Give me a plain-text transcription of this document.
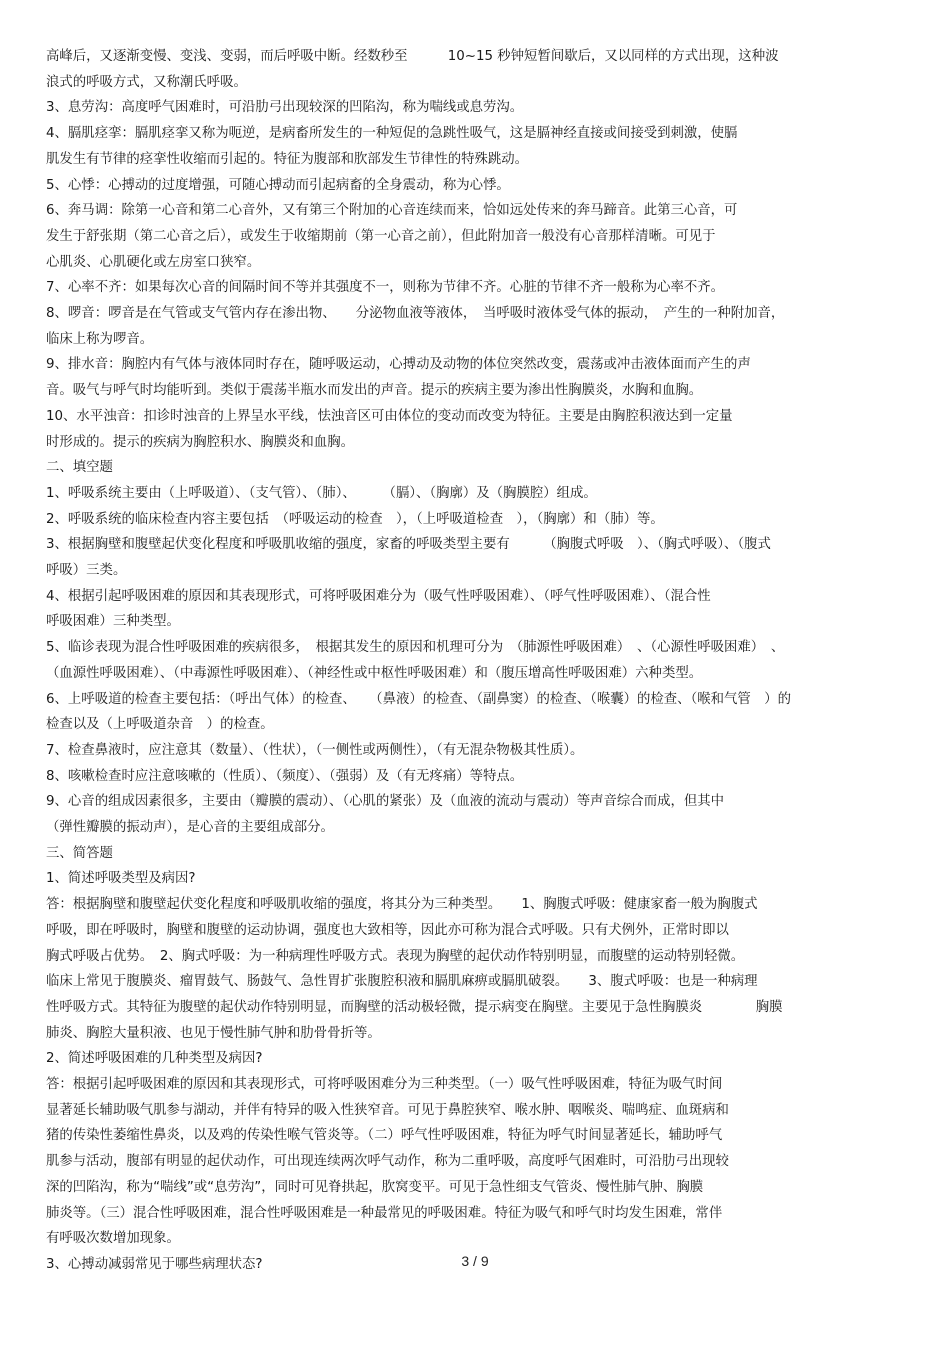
高峰后，又逐渐变慢、变浅、变弱，而后呼吸中断。经数秒至　　　10~15 秒钟短暂间歇后，又以同样的方式出现，这种波
浪式的呼吸方式，又称潮氏呼吸。
3、息劳沟：高度呼气困难时，可沿肋弓出现较深的凹陷沟，称为喘线或息劳沟。
4、膈肌痉挛：膈肌痉挛又称为呃逆，是病畜所发生的一种短促的急跳性吸气，这是膈神经直接或间接受到刺激，使膈
肌发生有节律的痉挛性收缩而引起的。特征为腹部和肷部发生节律性的特殊跳动。
5、心悸：心搏动的过度增强，可随心搏动而引起病畜的全身震动，称为心悸。
6、奔马调：除第一心音和第二心音外，又有第三个附加的心音连续而来，恰如远处传来的奔马蹄音。此第三心音，可
发生于舒张期（第二心音之后），或发生于收缩期前（第一心音之前），但此附加音一般没有心音那样清晰。可见于
心肌炎、心肌硬化或左房室口狭窄。
7、心率不齐：如果每次心音的间隔时间不等并其强度不一，则称为节律不齐。心脏的节律不齐一般称为心率不齐。
8、啰音：啰音是在气管或支气管内存在渗出物、　　分泌物血液等液体，　当呼吸时液体受气体的振动，　产生的一种附加音，
临床上称为啰音。
9、排水音：胸腔内有气体与液体同时存在，随呼吸运动，心搏动及动物的体位突然改变，震荡或冲击液体面而产生的声
音。吸气与呼气时均能听到。类似于震荡半瓶水而发出的声音。提示的疾病主要为渗出性胸膜炎，水胸和血胸。
10、水平浊音：扣诊时浊音的上界呈水平线，怯浊音区可由体位的变动而改变为特征。主要是由胸腔积液达到一定量
时形成的。提示的疾病为胸腔积水、胸膜炎和血胸。
二、填空题
1、呼吸系统主要由（上呼吸道）、（支气管）、（肺）、　　　（膈）、（胸廓）及（胸膜腔）组成。
2、呼吸系统的临床检查内容主要包括　（呼吸运动的检查　），（上呼吸道检查　），（胸廓）和（肺）等。
3、根据胸壁和腹壁起伏变化程度和呼吸肌收缩的强度，家畜的呼吸类型主要有　　　（胸腹式呼吸　）、（胸式呼吸）、（腹式
呼吸）三类。
4、根据引起呼吸困难的原因和其表现形式，可将呼吸困难分为（吸气性呼吸困难）、（呼气性呼吸困难）、（混合性
呼吸困难）三种类型。
5、临诊表现为混合性呼吸困难的疾病很多，　根据其发生的原因和机理可分为　（肺源性呼吸困难）　、（心源性呼吸困难）　、
（血源性呼吸困难）、（中毒源性呼吸困难）、（神经性或中枢性呼吸困难）和（腹压增高性呼吸困难）六种类型。
6、上呼吸道的检查主要包括：（呼出气体）的检查、　　（鼻液）的检查、（副鼻窦）的检查、（喉囊）的检查、（喉和气管　）的
检查以及（上呼吸道杂音　）的检查。
7、检查鼻液时，应注意其（数量）、（性状），（一侧性或两侧性），（有无混杂物极其性质）。
8、咳嗽检查时应注意咳嗽的（性质）、（频度）、（强弱）及（有无疼痛）等特点。
9、心音的组成因素很多，主要由（瓣膜的震动）、（心肌的紧张）及（血液的流动与震动）等声音综合而成，但其中
（弹性瓣膜的振动声），是心音的主要组成部分。
三、简答题
1、简述呼吸类型及病因?
答：根据胸壁和腹壁起伏变化程度和呼吸肌收缩的强度，将其分为三种类型。　　1、胸腹式呼吸：健康家畜一般为胸腹式
呼吸，即在呼吸时，胸壁和腹壁的运动协调，强度也大致相等，因此亦可称为混合式呼吸。只有犬例外，正常时即以
胸式呼吸占优势。　2、胸式呼吸：为一种病理性呼吸方式。表现为胸壁的起伏动作特别明显，而腹壁的运动特别轻微。
临床上常见于腹膜炎、瘤胃鼓气、肠鼓气、急性胃扩张腹腔积液和膈肌麻痹或膈肌破裂。　　3、腹式呼吸：也是一种病理
性呼吸方式。其特征为腹壁的起伏动作特别明显，而胸壁的活动极轻微，提示病变在胸壁。主要见于急性胸膜炎　　　　胸膜
肺炎、胸腔大量积液、也见于慢性肺气肿和肋骨骨折等。
2、简述呼吸困难的几种类型及病因?
答：根据引起呼吸困难的原因和其表现形式，可将呼吸困难分为三种类型。（一）吸气性呼吸困难，特征为吸气时间
显著延长辅助吸气肌参与湖动，并伴有特异的吸入性狭窄音。可见于鼻腔狭窄、喉水肿、咽喉炎、喘鸣症、血斑病和
猪的传染性萎缩性鼻炎，以及鸡的传染性喉气管炎等。（二）呼气性呼吸困难，特征为呼气时间显著延长，辅助呼气
肌参与活动，腹部有明显的起伏动作，可出现连续两次呼气动作，称为二重呼吸，高度呼气困难时，可沿肋弓出现较
深的凹陷沟，称为“喘线”或“息劳沟”，同时可见脊拱起，肷窝变平。可见于急性细支气管炎、慢性肺气肿、胸膜
肺炎等。（三）混合性呼吸困难，混合性呼吸困难是一种最常见的呼吸困难。特征为吸气和呼气时均发生困难，常伴
有呼吸次数增加现象。
3、心搏动减弱常见于哪些病理状态?	3 / 9
